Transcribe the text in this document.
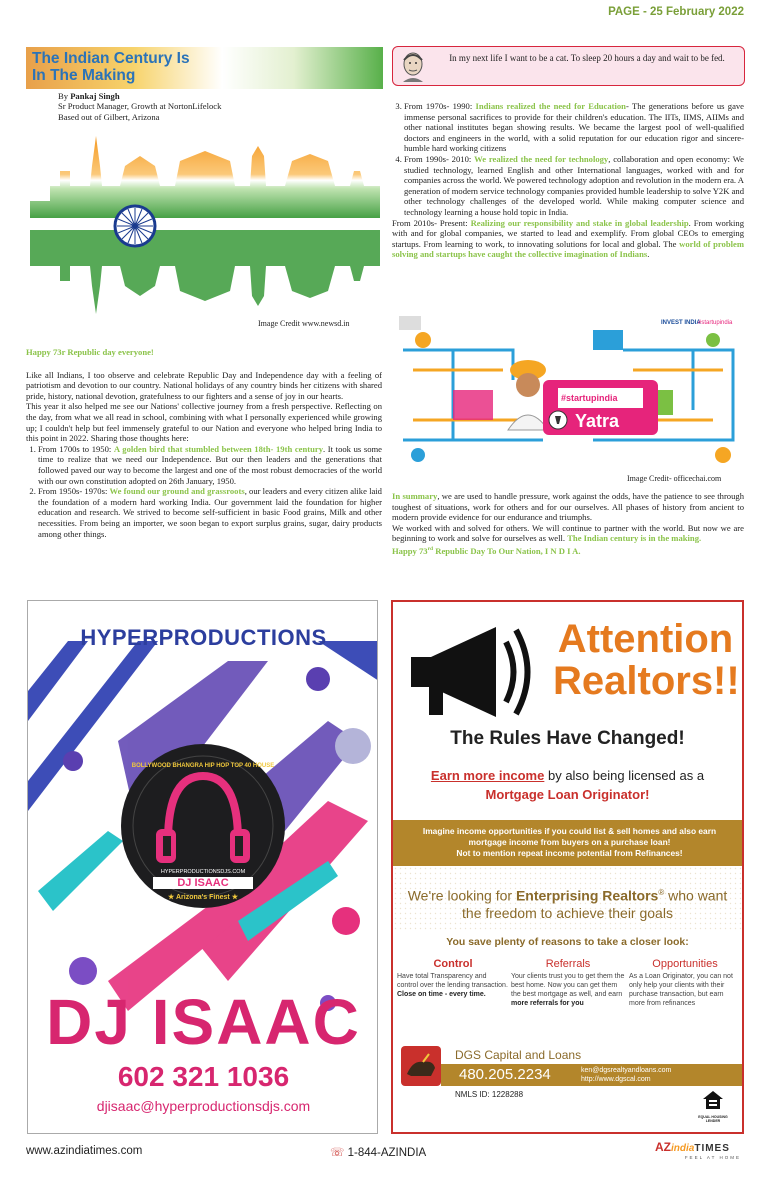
PAGE - 25 February 2022
The Indian Century Is
In The Making
In my next life I want to be a cat. To sleep 20 hours a day and wait to be fed.
By Pankaj Singh
Sr Product Manager, Growth at NortonLifelock
Based out of Gilbert, Arizona
Image Credit www.newsd.in

Happy 73r Republic day everyone!

Like all Indians, I too observe and celebrate Republic Day and Independence day with a feeling of patriotism and devotion to our country. National holidays of any country binds her citizens with shared pride, history, national devotion, gratefulness to our fighters and a sense of joy in our hearts.

This year it also helped me see our Nations' collective journey from a fresh perspective. Reflecting on the day, from what we all read in school, combining with what I personally experienced while growing up; I couldn't help but feel immensely grateful to our Nation and everyone who helped bring India to this point in 2022. Sharing those thoughts here:

1. From 1700s to 1950: A golden bird that stumbled between 18th- 19th century. It took us some time to realize that we need our Independence. But our then leaders and the generations that followed paved our way to become the largest and one of the most robust democracies of the world with our own constitution adopted on 26th January, 1950.
2. From 1950s- 1970s: We found our ground and grassroots, our leaders and every citizen alike laid the foundation of a modern hard working India. Our government laid the foundation for higher education and research. We strived to become self-sufficient in basic Food grains, Milk and other necessities. From being an importer, we soon began to export surplus grains, sugar, dairy products among other things.
3. From 1970s- 1990: Indians realized the need for Education- The generations before us gave immense personal sacrifices to provide for their children's education. The IITs, IIMS, AIIMs and other national institutes began showing results. We became the largest pool of well-qualified doctors and engineers in the world, with a solid reputation for our education rigor and sincere-humble hard working citizens
4. From 1990s- 2010: We realized the need for technology, collaboration and open economy: We studied technology, learned English and other International languages, worked with and for companies across the world. We powered technology adoption and revolution in the modern era. A generation of modern service technology companies provided humble leadership to solve Y2K and other technology challenges of the developed world. While making computer science and technology learning a house hold topic in India.

From 2010s- Present: Realizing our responsibility and stake in global leadership. From working with and for global companies, we started to lead and exemplify. From global CEOs to emerging startups. From learning to work, to innovating solutions for local and global. The world of problem solving and startups have caught the collective imagination of Indians.

INVEST INDIA
#startupindia
#startupindia
Yatra
Image Credit- officechai.com

In summary, we are used to handle pressure, work against the odds, have the patience to see through toughest of situations, work for others and for our ourselves. All phases of history from ancient to modern provide evidence for our endurance and triumphs.

We worked with and solved for others. We will continue to partner with the world. But now we are beginning to work and solve for ourselves as well. The Indian century is in the making.

Happy 73rd Republic Day To Our Nation, I N D I A.

HYPERPRODUCTIONS
BOLLYWOOD BHANGRA HIP HOP TOP 40 HOUSE
HYPERPRODUCTIONSDJS.COM
DJ ISAAC
★ Arizona's Finest ★
DJ ISAAC
602 321 1036
djisaac@hyperproductionsdjs.com
Attention
Realtors!!
The Rules Have Changed!
Earn more income by also being licensed as a
Mortgage Loan Originator!
Imagine income opportunities if you could list & sell homes and also earn
mortgage income from buyers on a purchase loan!
Not to mention repeat income potential from Refinances!
We're looking for Enterprising Realtors® who want
the freedom to achieve their goals
You save plenty of reasons to take a closer look:
Control
Have total Transparency and control over the lending transaction.
Close on time - every time.
Referrals
Your clients trust you to get them the best home. Now you can get them the best mortgage as well, and earn
more referrals for you
Opportunities
As a Loan Originator, you can not only help your clients with their purchase transaction, but earn more from refinances
DGS Capital and Loans
480.205.2234	ken@dgsrealtyandloans.com
http://www.dgscal.com
NMLS ID: 1228288
EQUAL HOUSING
LENDER
www.azindiatimes.com	☏ 1-844-AZINDIA	AZindiaTIMES
FEEL AT HOME
